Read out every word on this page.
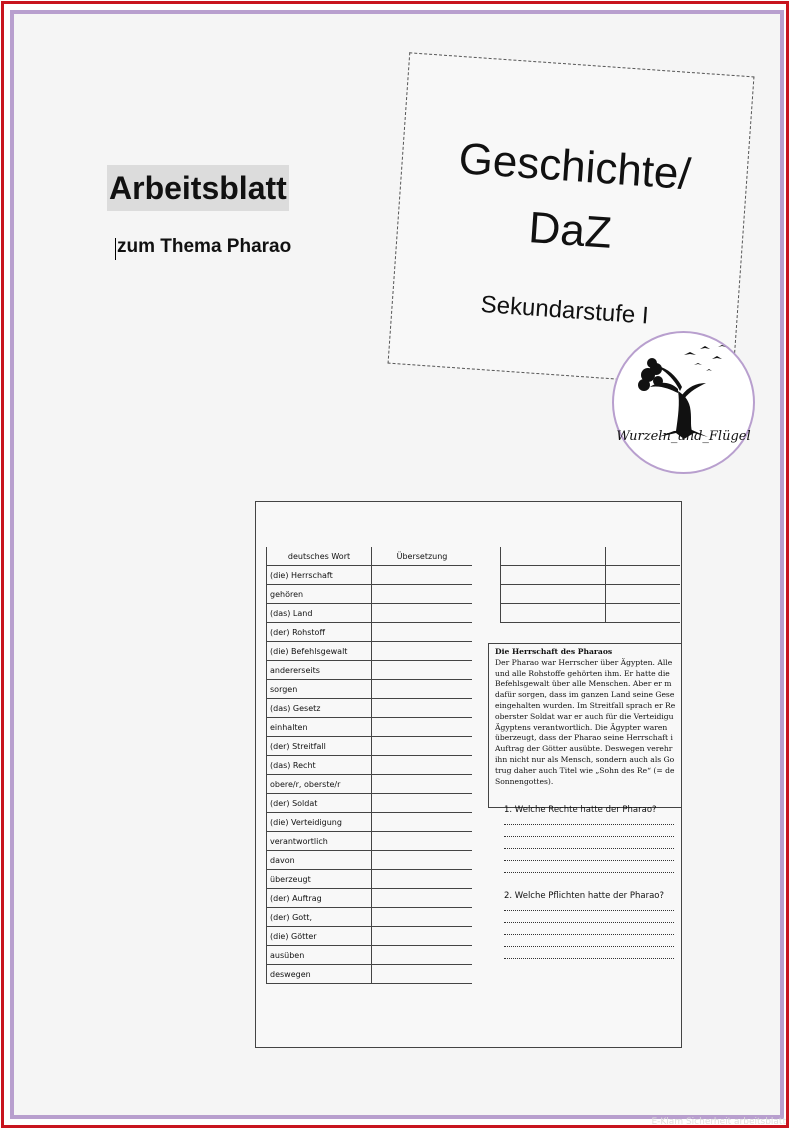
Arbeitsblatt
zum Thema Pharao
Geschichte/
DaZ
Sekundarstufe I
Wurzeln_und_Flügel
deutsches Wort	Übersetzung
(die) Herrschaft	
gehören	
(das) Land	
(der) Rohstoff	
(die) Befehlsgewalt	
andererseits	
sorgen	
(das) Gesetz	
einhalten	
(der) Streitfall	
(das) Recht	
obere/r, oberste/r	
(der) Soldat	
(die) Verteidigung	
verantwortlich	
davon	
überzeugt	
(der) Auftrag	
(der) Gott,	
(die) Götter	
ausüben	
deswegen	

Die Herrschaft des Pharaos
Der Pharao war Herrscher über Ägypten. Alle
und alle Rohstoffe gehörten ihm. Er hatte die
Befehlsgewalt über alle Menschen. Aber er m
dafür sorgen, dass im ganzen Land seine Gese
eingehalten wurden. Im Streitfall sprach er Re
oberster Soldat war er auch für die Verteidigu
Ägyptens verantwortlich. Die Ägypter waren
überzeugt, dass der Pharao seine Herrschaft i
Auftrag der Götter ausübte. Deswegen verehr
ihn nicht nur als Mensch, sondern auch als Go
trug daher auch Titel wie „Sohn des Re“ (= de
Sonnengottes).
1. Welche Rechte hatte der Pharao?
2. Welche Pflichten hatte der Pharao?
E-Klam Sicherheit arbeitsblatt
